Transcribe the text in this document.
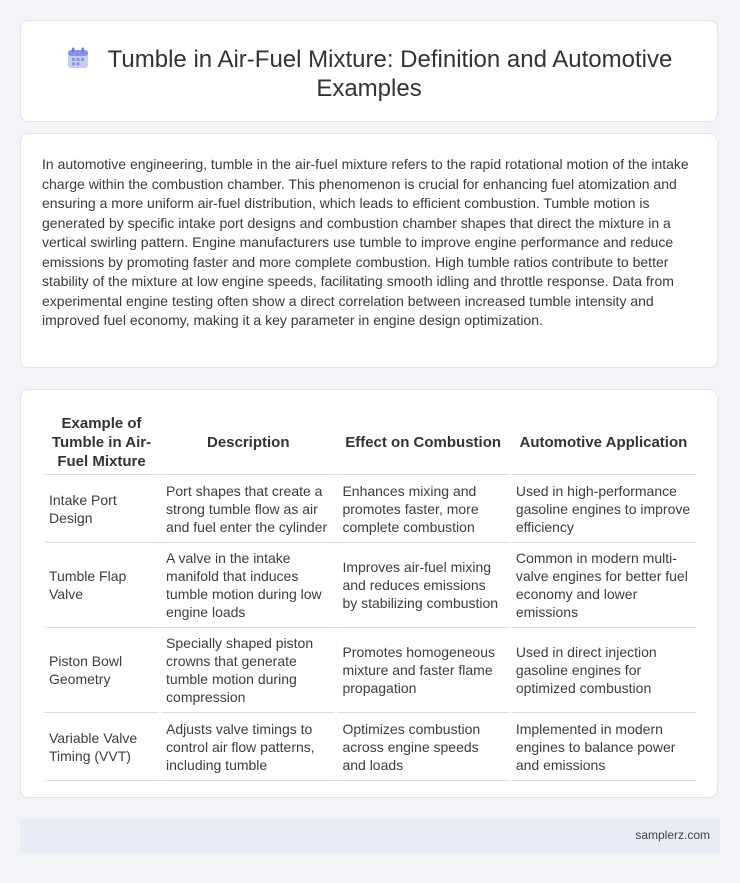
Tumble in Air-Fuel Mixture: Definition and Automotive Examples
In automotive engineering, tumble in the air-fuel mixture refers to the rapid rotational motion of the intake charge within the combustion chamber. This phenomenon is crucial for enhancing fuel atomization and ensuring a more uniform air-fuel distribution, which leads to efficient combustion. Tumble motion is generated by specific intake port designs and combustion chamber shapes that direct the mixture in a vertical swirling pattern. Engine manufacturers use tumble to improve engine performance and reduce emissions by promoting faster and more complete combustion. High tumble ratios contribute to better stability of the mixture at low engine speeds, facilitating smooth idling and throttle response. Data from experimental engine testing often show a direct correlation between increased tumble intensity and improved fuel economy, making it a key parameter in engine design optimization.
Example of Tumble in Air-Fuel Mixture	Description	Effect on Combustion	Automotive Application
Intake Port Design	Port shapes that create a strong tumble flow as air and fuel enter the cylinder	Enhances mixing and promotes faster, more complete combustion	Used in high-performance gasoline engines to improve efficiency
Tumble Flap Valve	A valve in the intake manifold that induces tumble motion during low engine loads	Improves air-fuel mixing and reduces emissions by stabilizing combustion	Common in modern multi-valve engines for better fuel economy and lower emissions
Piston Bowl Geometry	Specially shaped piston crowns that generate tumble motion during compression	Promotes homogeneous mixture and faster flame propagation	Used in direct injection gasoline engines for optimized combustion
Variable Valve Timing (VVT)	Adjusts valve timings to control air flow patterns, including tumble	Optimizes combustion across engine speeds and loads	Implemented in modern engines to balance power and emissions
samplerz.com
